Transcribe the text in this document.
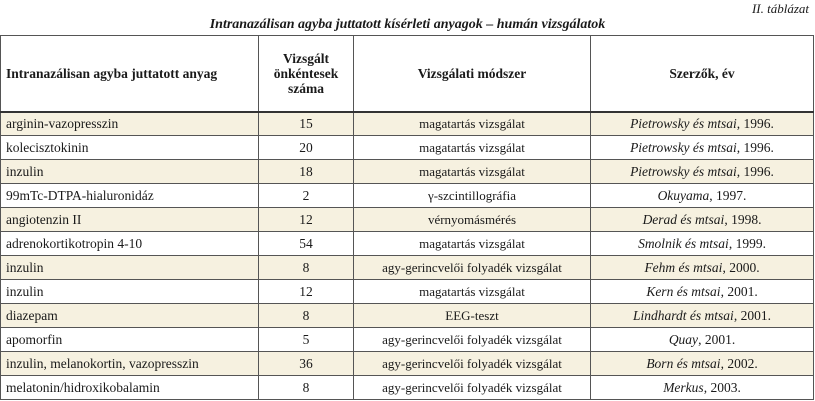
II. táblázat
Intranazálisan agyba juttatott kísérleti anyagok – humán vizsgálatok
Intranazálisan agyba juttatott anyag	Vizsgált önkéntesek száma	Vizsgálati módszer	Szerzők, év
arginin-vazopresszin	15	magatartás vizsgálat	Pietrowsky és mtsai, 1996.
kolecisztokinin	20	magatartás vizsgálat	Pietrowsky és mtsai, 1996.
inzulin	18	magatartás vizsgálat	Pietrowsky és mtsai, 1996.
99mTc-DTPA-hialuronidáz	2	γ-szcintillográfia	Okuyama, 1997.
angiotenzin II	12	vérnyomásmérés	Derad és mtsai, 1998.
adrenokortikotropin 4-10	54	magatartás vizsgálat	Smolnik és mtsai, 1999.
inzulin	8	agy-gerincvelői folyadék vizsgálat	Fehm és mtsai, 2000.
inzulin	12	magatartás vizsgálat	Kern és mtsai, 2001.
diazepam	8	EEG-teszt	Lindhardt és mtsai, 2001.
apomorfin	5	agy-gerincvelői folyadék vizsgálat	Quay, 2001.
inzulin, melanokortin, vazopresszin	36	agy-gerincvelői folyadék vizsgálat	Born és mtsai, 2002.
melatonin/hidroxikobalamin	8	agy-gerincvelői folyadék vizsgálat	Merkus, 2003.
